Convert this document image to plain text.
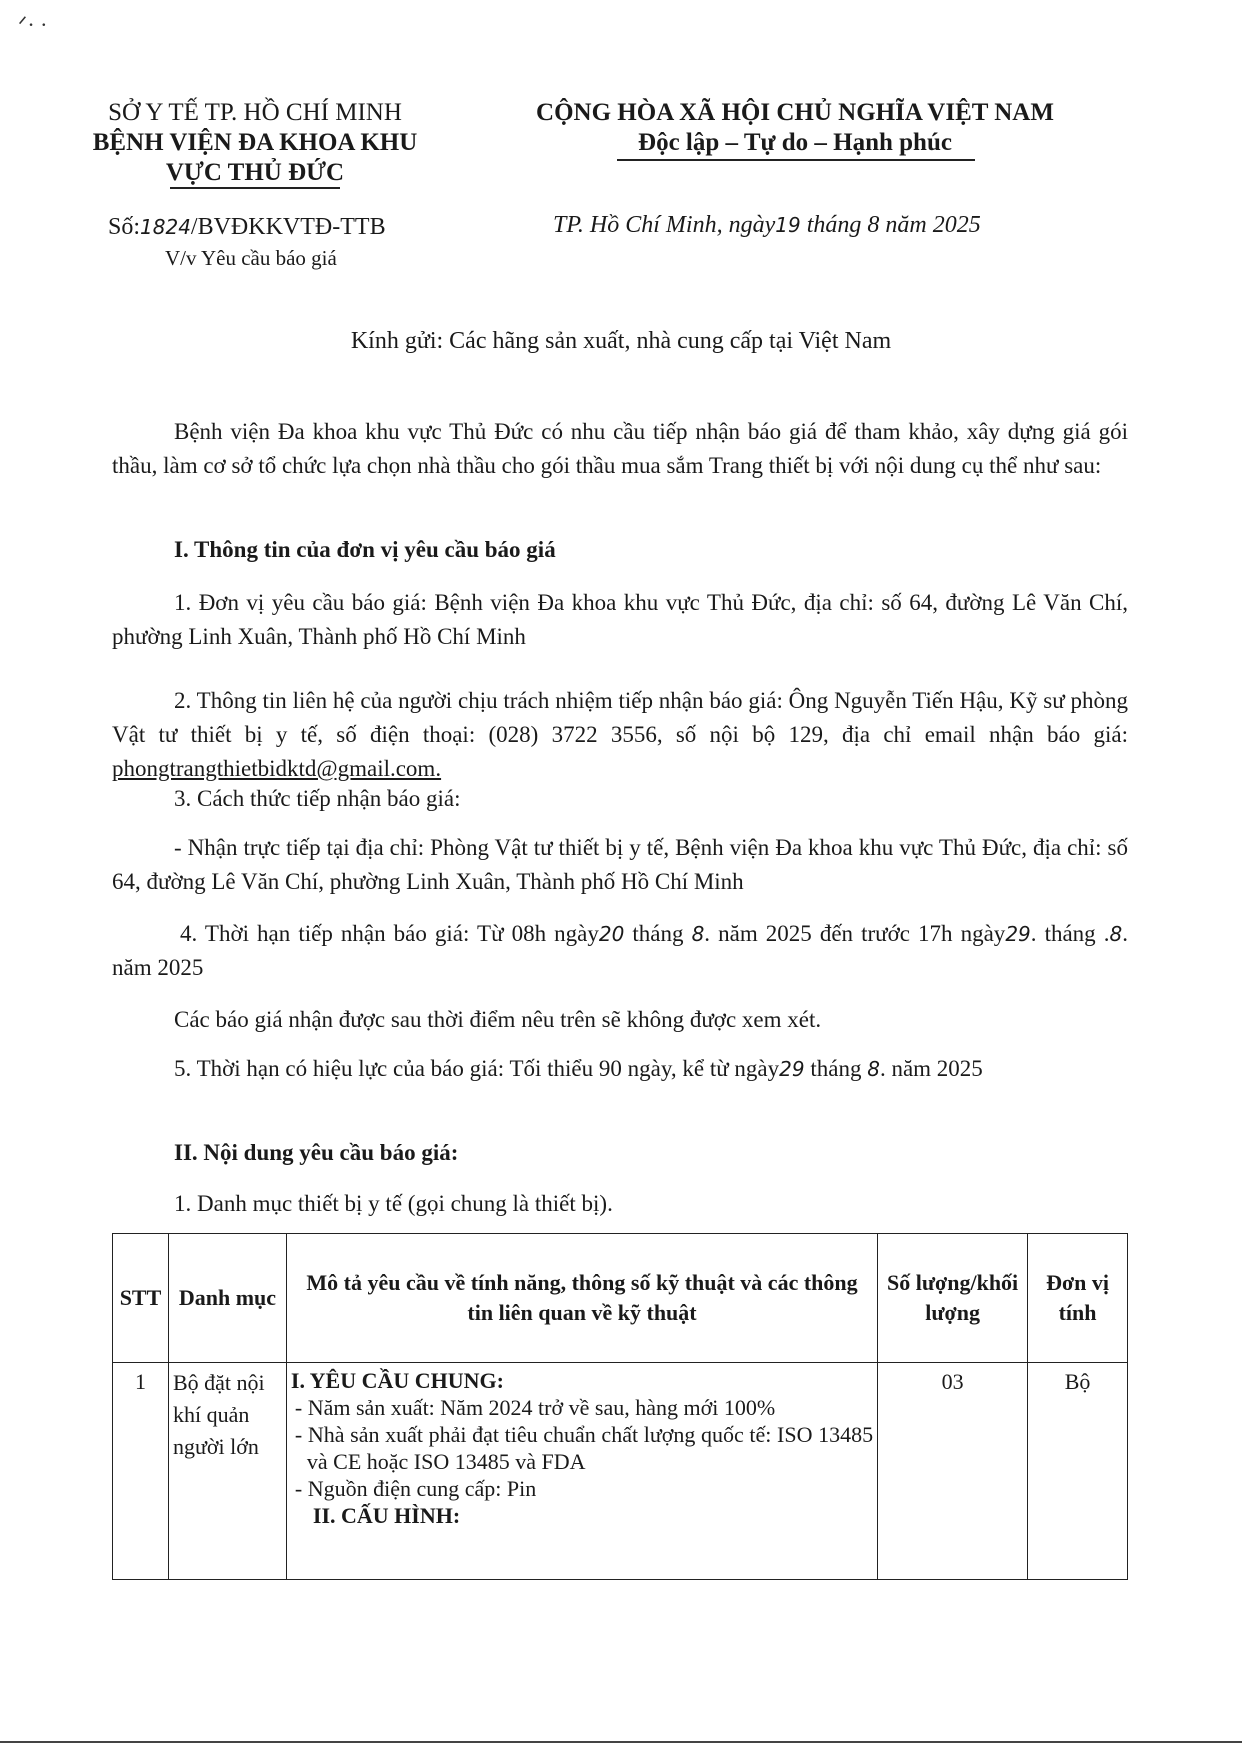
ᐟ· ·
SỞ Y TẾ TP. HỒ CHÍ MINH
BỆNH VIỆN ĐA KHOA KHU
VỰC THỦ ĐỨC
Số:1824/BVĐKKVTĐ-TTB
V/v Yêu cầu báo giá
CỘNG HÒA XÃ HỘI CHỦ NGHĨA VIỆT NAM
Độc lập – Tự do – Hạnh phúc
TP. Hồ Chí Minh, ngày19 tháng 8 năm 2025
Kính gửi: Các hãng sản xuất, nhà cung cấp tại Việt Nam
Bệnh viện Đa khoa khu vực Thủ Đức có nhu cầu tiếp nhận báo giá để tham khảo, xây dựng giá gói thầu, làm cơ sở tổ chức lựa chọn nhà thầu cho gói thầu mua sắm Trang thiết bị với nội dung cụ thể như sau:
I. Thông tin của đơn vị yêu cầu báo giá
1. Đơn vị yêu cầu báo giá: Bệnh viện Đa khoa khu vực Thủ Đức, địa chỉ: số 64, đường Lê Văn Chí, phường Linh Xuân, Thành phố Hồ Chí Minh
2. Thông tin liên hệ của người chịu trách nhiệm tiếp nhận báo giá: Ông Nguyễn Tiến Hậu, Kỹ sư phòng Vật tư thiết bị y tế, số điện thoại: (028) 3722 3556, số nội bộ 129, địa chỉ email nhận báo giá: phongtrangthietbidktd@gmail.com.
3. Cách thức tiếp nhận báo giá:
- Nhận trực tiếp tại địa chỉ: Phòng Vật tư thiết bị y tế, Bệnh viện Đa khoa khu vực Thủ Đức, địa chỉ: số 64, đường Lê Văn Chí, phường Linh Xuân, Thành phố Hồ Chí Minh
4. Thời hạn tiếp nhận báo giá: Từ 08h ngày20 tháng 8. năm 2025 đến trước 17h ngày29. tháng .8. năm 2025
Các báo giá nhận được sau thời điểm nêu trên sẽ không được xem xét.
5. Thời hạn có hiệu lực của báo giá: Tối thiểu 90 ngày, kể từ ngày29 tháng 8. năm 2025
II. Nội dung yêu cầu báo giá:
1. Danh mục thiết bị y tế (gọi chung là thiết bị).
STT	Danh mục	Mô tả yêu cầu về tính năng, thông số kỹ thuật và các thông tin liên quan về kỹ thuật	Số lượng/khối lượng	Đơn vị tính
1	Bộ đặt nội khí quản người lớn	I. YÊU CẦU CHUNG:
- Năm sản xuất: Năm 2024 trở về sau, hàng mới 100%
- Nhà sản xuất phải đạt tiêu chuẩn chất lượng quốc tế: ISO 13485 và CE hoặc ISO 13485 và FDA
- Nguồn điện cung cấp: Pin
II. CẤU HÌNH:	03	Bộ
